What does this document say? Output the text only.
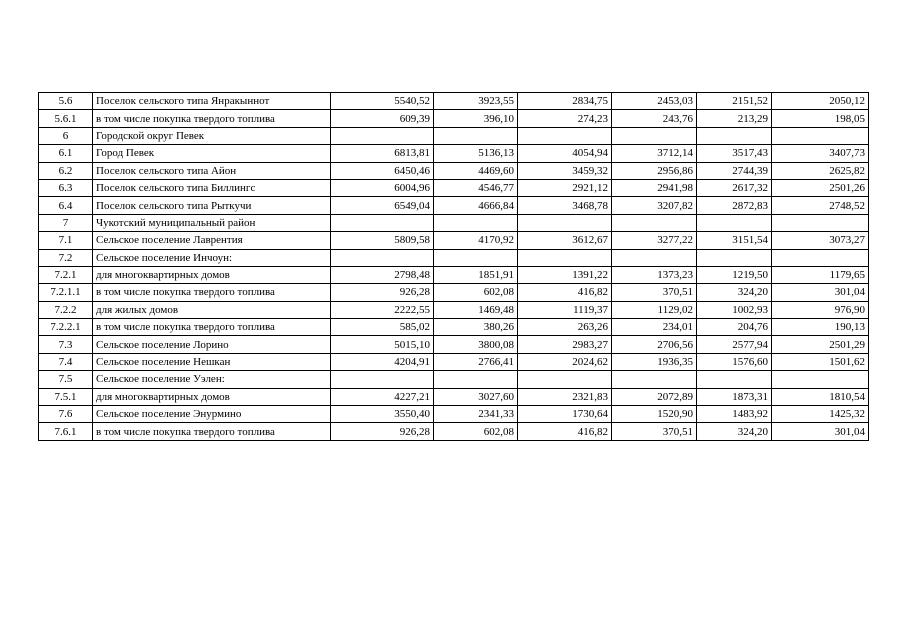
5.6	Поселок сельского типа Янракыннот	5540,52	3923,55	2834,75	2453,03	2151,52	2050,12
5.6.1	в том числе покупка твердого топлива	609,39	396,10	274,23	243,76	213,29	198,05
6	Городской округ Певек						
6.1	Город Певек	6813,81	5136,13	4054,94	3712,14	3517,43	3407,73
6.2	Поселок сельского типа Айон	6450,46	4469,60	3459,32	2956,86	2744,39	2625,82
6.3	Поселок сельского типа Биллингс	6004,96	4546,77	2921,12	2941,98	2617,32	2501,26
6.4	Поселок сельского типа Рыткучи	6549,04	4666,84	3468,78	3207,82	2872,83	2748,52
7	Чукотский муниципальный район						
7.1	Сельское поселение Лаврентия	5809,58	4170,92	3612,67	3277,22	3151,54	3073,27
7.2	Сельское поселение Инчоун:						
7.2.1	для многоквартирных домов	2798,48	1851,91	1391,22	1373,23	1219,50	1179,65
7.2.1.1	в том числе покупка твердого топлива	926,28	602,08	416,82	370,51	324,20	301,04
7.2.2	для жилых домов	2222,55	1469,48	1119,37	1129,02	1002,93	976,90
7.2.2.1	в том числе покупка твердого топлива	585,02	380,26	263,26	234,01	204,76	190,13
7.3	Сельское поселение Лорино	5015,10	3800,08	2983,27	2706,56	2577,94	2501,29
7.4	Сельское поселение Нешкан	4204,91	2766,41	2024,62	1936,35	1576,60	1501,62
7.5	Сельское поселение Уэлен:						
7.5.1	для многоквартирных домов	4227,21	3027,60	2321,83	2072,89	1873,31	1810,54
7.6	Сельское поселение Энурмино	3550,40	2341,33	1730,64	1520,90	1483,92	1425,32
7.6.1	в том числе покупка твердого топлива	926,28	602,08	416,82	370,51	324,20	301,04
